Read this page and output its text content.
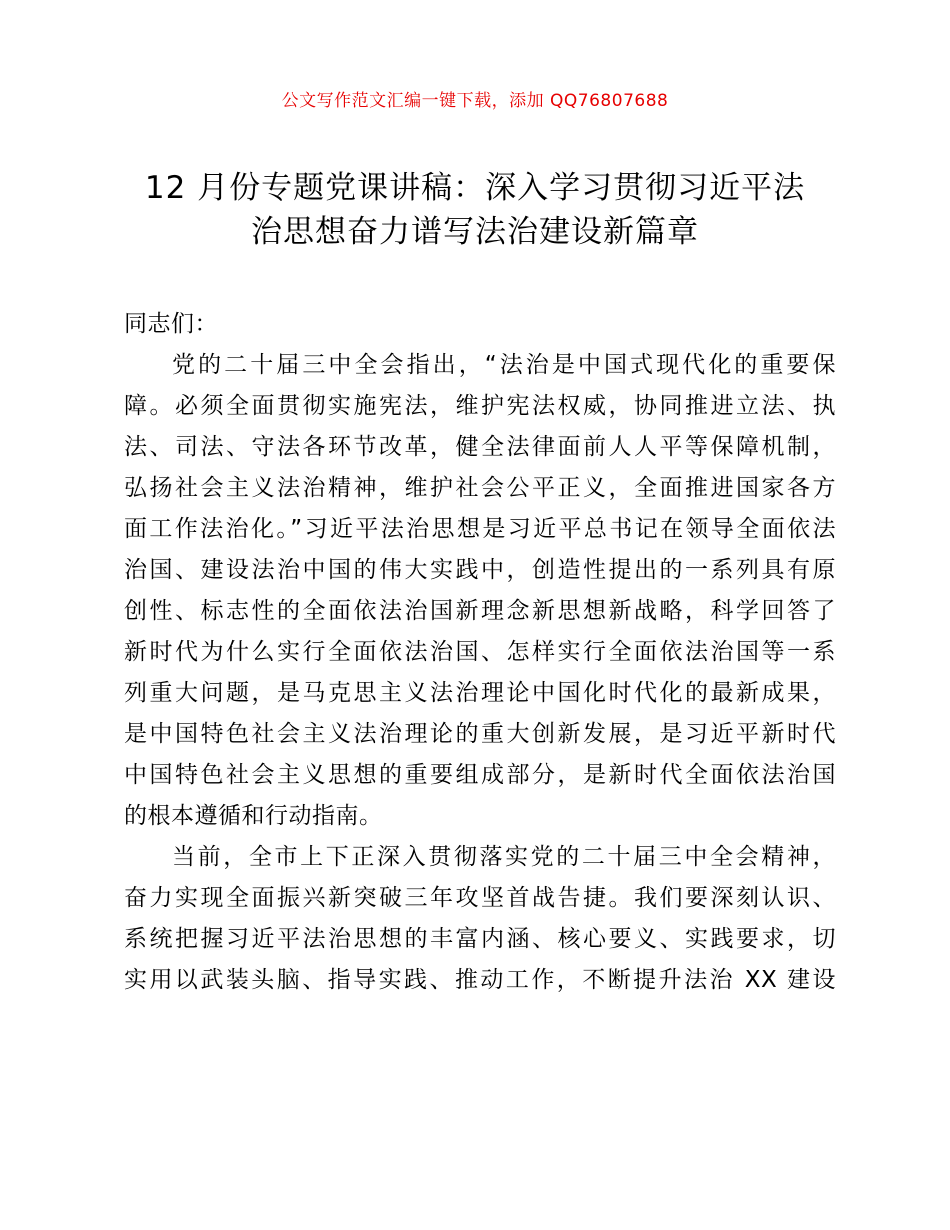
公文写作范文汇编一键下载，添加 QQ76807688
12 月份专题党课讲稿：深入学习贯彻习近平法
治思想奋力谱写法治建设新篇章
同志们：
党的二十届三中全会指出，“法治是中国式现代化的重要保
障。必须全面贯彻实施宪法，维护宪法权威，协同推进立法、执
法、司法、守法各环节改革，健全法律面前人人平等保障机制，
弘扬社会主义法治精神，维护社会公平正义，全面推进国家各方
面工作法治化。”习近平法治思想是习近平总书记在领导全面依法
治国、建设法治中国的伟大实践中，创造性提出的一系列具有原
创性、标志性的全面依法治国新理念新思想新战略，科学回答了
新时代为什么实行全面依法治国、怎样实行全面依法治国等一系
列重大问题，是马克思主义法治理论中国化时代化的最新成果，
是中国特色社会主义法治理论的重大创新发展，是习近平新时代
中国特色社会主义思想的重要组成部分，是新时代全面依法治国
的根本遵循和行动指南。
当前，全市上下正深入贯彻落实党的二十届三中全会精神，
奋力实现全面振兴新突破三年攻坚首战告捷。我们要深刻认识、
系统把握习近平法治思想的丰富内涵、核心要义、实践要求，切
实用以武装头脑、指导实践、推动工作，不断提升法治 XX 建设
